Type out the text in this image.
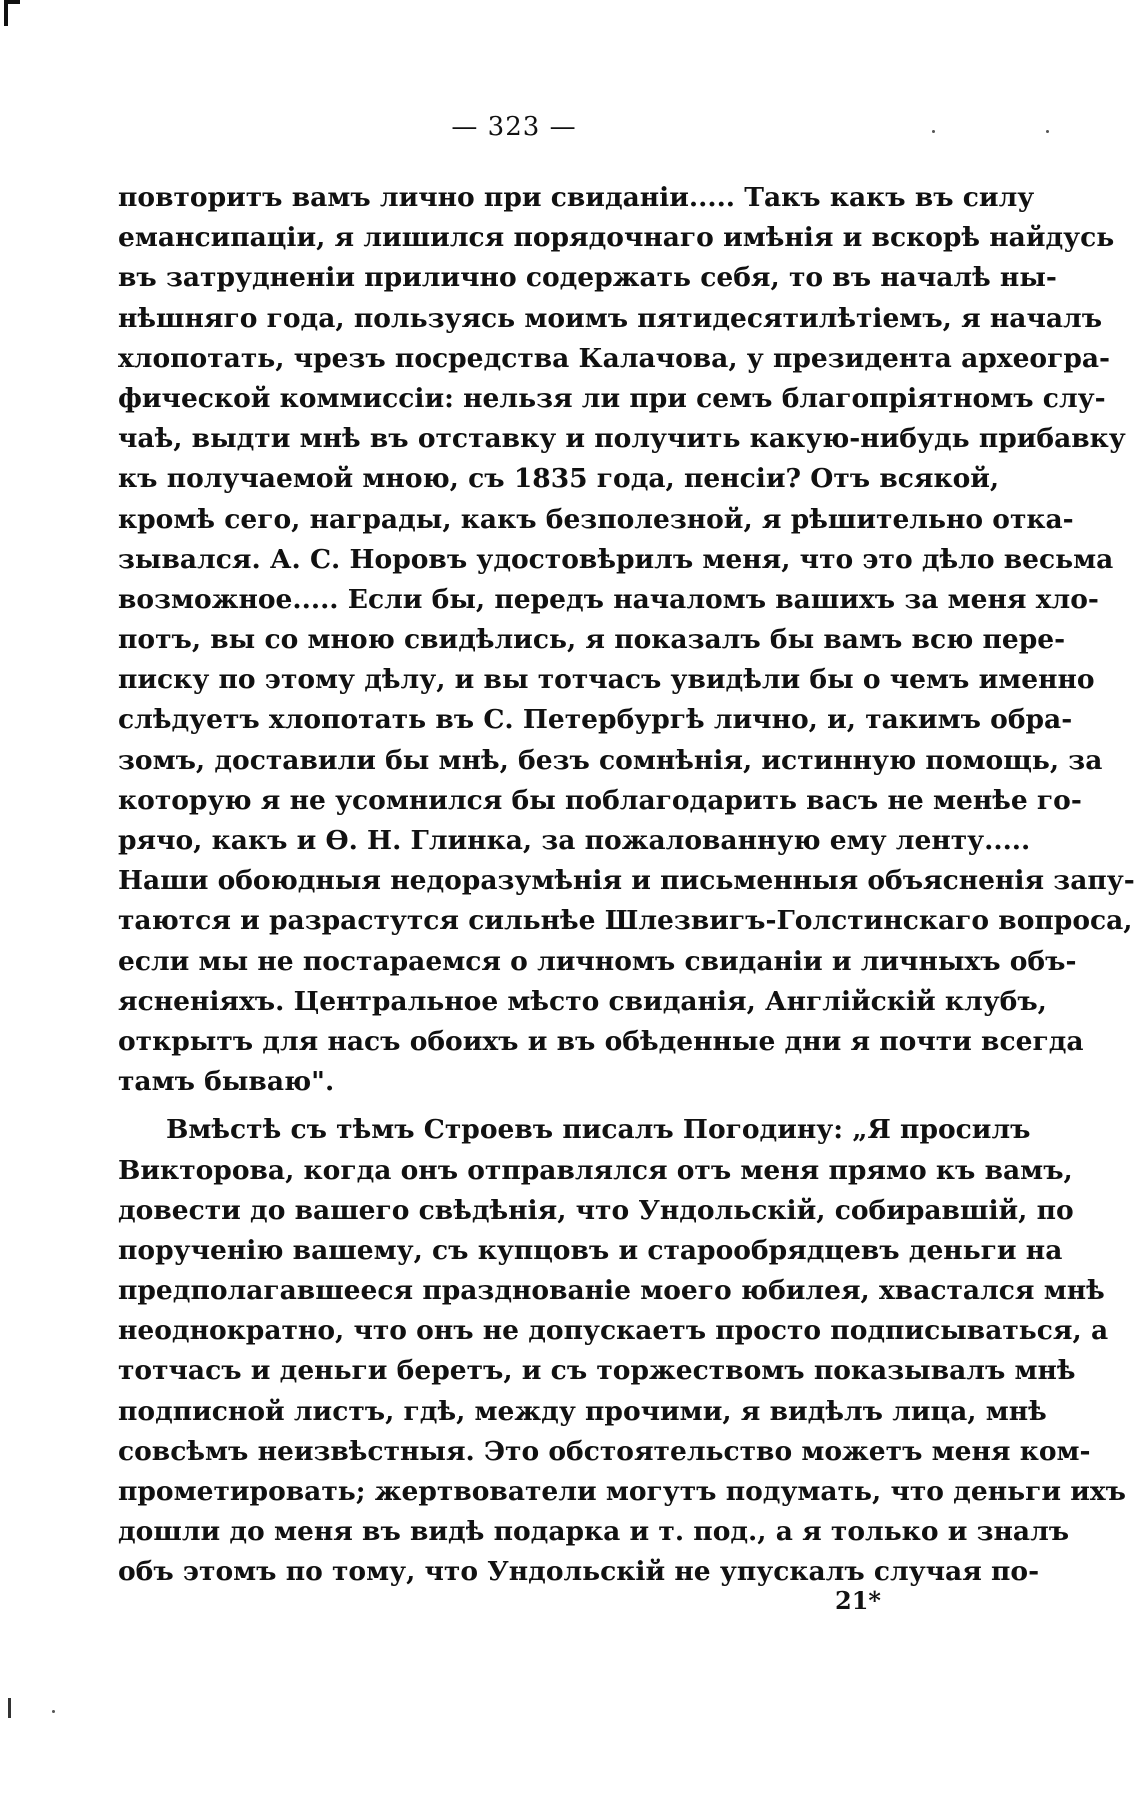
— 323 —
повторитъ вамъ лично при свиданіи..... Такъ какъ въ силу
емансипаціи, я лишился порядочнаго имѣнія и вскорѣ найдусь
въ затрудненіи прилично содержать себя, то въ началѣ ны-
нѣшняго года, пользуясь моимъ пятидесятилѣтіемъ, я началъ
хлопотать, чрезъ посредства Калачова, у президента археогра-
фической коммиссіи: нельзя ли при семъ благопріятномъ слу-
чаѣ, выдти мнѣ въ отставку и получить какую-нибудь прибавку
къ получаемой мною, съ 1835 года, пенсіи? Отъ всякой,
кромѣ сего, награды, какъ безполезной, я рѣшительно отка-
зывался. А. С. Норовъ удостовѣрилъ меня, что это дѣло весьма
возможное..... Если бы, передъ началомъ вашихъ за меня хло-
потъ, вы со мною свидѣлись, я показалъ бы вамъ всю пере-
писку по этому дѣлу, и вы тотчасъ увидѣли бы о чемъ именно
слѣдуетъ хлопотать въ С. Петербургѣ лично, и, такимъ обра-
зомъ, доставили бы мнѣ, безъ сомнѣнія, истинную помощь, за
которую я не усомнился бы поблагодарить васъ не менѣе го-
рячо, какъ и Ѳ. Н. Глинка, за пожалованную ему ленту.....
Наши обоюдныя недоразумѣнія и письменныя объясненія запу-
таются и разрастутся сильнѣе Шлезвигъ-Голстинскаго вопроса,
если мы не постараемся о личномъ свиданіи и личныхъ объ-
ясненіяхъ. Центральное мѣсто свиданія, Англійскій клубъ,
открытъ для насъ обоихъ и въ обѣденные дни я почти всегда
тамъ бываю".
Вмѣстѣ съ тѣмъ Строевъ писалъ Погодину: „Я просилъ
Викторова, когда онъ отправлялся отъ меня прямо къ вамъ,
довести до вашего свѣдѣнія, что Ундольскій, собиравшій, по
порученію вашему, съ купцовъ и старообрядцевъ деньги на
предполагавшееся празднованіе моего юбилея, хвастался мнѣ
неоднократно, что онъ не допускаетъ просто подписываться, а
тотчасъ и деньги беретъ, и съ торжествомъ показывалъ мнѣ
подписной листъ, гдѣ, между прочими, я видѣлъ лица, мнѣ
совсѣмъ неизвѣстныя. Это обстоятельство можетъ меня ком-
прометировать; жертвователи могутъ подумать, что деньги ихъ
дошли до меня въ видѣ подарка и т. под., а я только и зналъ
объ этомъ по тому, что Ундольскій не упускалъ случая по-
21*
